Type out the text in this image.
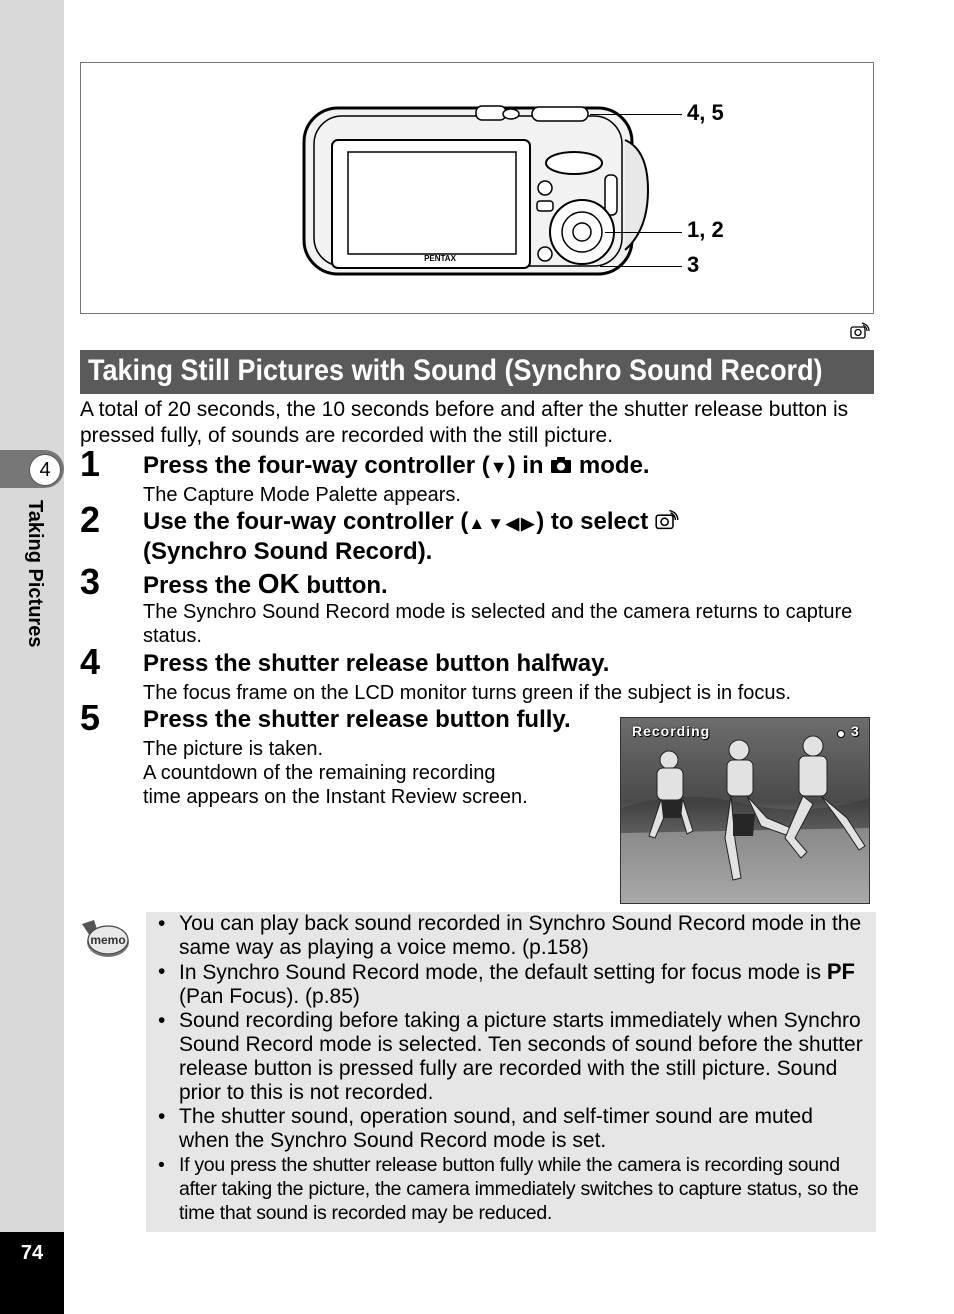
4
Taking Pictures
74
PENTAX
4, 5
1, 2
3
Taking Still Pictures with Sound (Synchro Sound Record)
A total of 20 seconds, the 10 seconds before and after the shutter release button is pressed fully, of sounds are recorded with the still picture.
1 Press the four-way controller (▼) in  mode.
The Capture Mode Palette appears.
2 Use the four-way controller (▲▼◀▶) to select
(Synchro Sound Record).
3 Press the OK button.
The Synchro Sound Record mode is selected and the camera returns to capture status.
4 Press the shutter release button halfway.
The focus frame on the LCD monitor turns green if the subject is in focus.
5 Press the shutter release button fully.
The picture is taken.
A countdown of the remaining recording
time appears on the Instant Review screen.
Recording	3
memo
• You can play back sound recorded in Synchro Sound Record mode in the same way as playing a voice memo. (p.158)
• In Synchro Sound Record mode, the default setting for focus mode is PF (Pan Focus). (p.85)
• Sound recording before taking a picture starts immediately when Synchro Sound Record mode is selected. Ten seconds of sound before the shutter release button is pressed fully are recorded with the still picture. Sound prior to this is not recorded.
• The shutter sound, operation sound, and self-timer sound are muted when the Synchro Sound Record mode is set.
• If you press the shutter release button fully while the camera is recording sound after taking the picture, the camera immediately switches to capture status, so the time that sound is recorded may be reduced.
